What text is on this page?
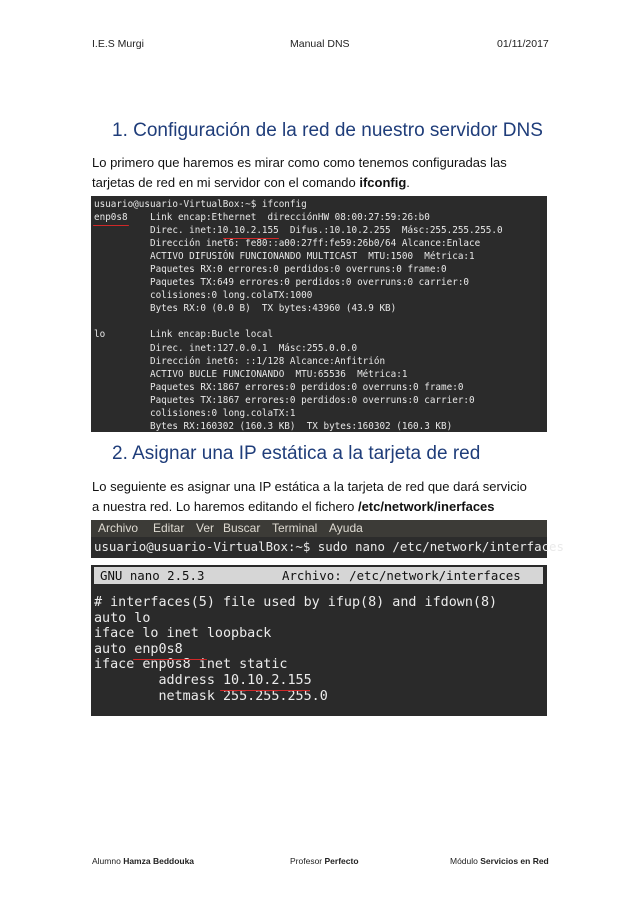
I.E.S Murgi	Manual DNS	01/11/2017
1. Configuración de la red de nuestro servidor DNS
Lo primero que haremos es mirar como como tenemos configuradas las
tarjetas de red en mi servidor con el comando ifconfig.
usuario@usuario-VirtualBox:~$ ifconfig
enp0s8    Link encap:Ethernet  direcciónHW 08:00:27:59:26:b0
Direc. inet:10.10.2.155  Difus.:10.10.2.255  Másc:255.255.255.0
Dirección inet6: fe80::a00:27ff:fe59:26b0/64 Alcance:Enlace
ACTIVO DIFUSIÓN FUNCIONANDO MULTICAST  MTU:1500  Métrica:1
Paquetes RX:0 errores:0 perdidos:0 overruns:0 frame:0
Paquetes TX:649 errores:0 perdidos:0 overruns:0 carrier:0
colisiones:0 long.colaTX:1000
Bytes RX:0 (0.0 B)  TX bytes:43960 (43.9 KB)

lo        Link encap:Bucle local
Direc. inet:127.0.0.1  Másc:255.0.0.0
Dirección inet6: ::1/128 Alcance:Anfitrión
ACTIVO BUCLE FUNCIONANDO  MTU:65536  Métrica:1
Paquetes RX:1867 errores:0 perdidos:0 overruns:0 frame:0
Paquetes TX:1867 errores:0 perdidos:0 overruns:0 carrier:0
colisiones:0 long.colaTX:1
Bytes RX:160302 (160.3 KB)  TX bytes:160302 (160.3 KB)

2. Asignar una IP estática a la tarjeta de red
Lo seguiente es asignar una IP estática a la tarjeta de red que dará servicio
a nuestra red. Lo haremos editando el fichero /etc/network/inerfaces
Archivo Editar Ver Buscar Terminal Ayuda
usuario@usuario-VirtualBox:~$ sudo nano /etc/network/interfaces
GNU nano 2.5.3	Archivo: /etc/network/interfaces
# interfaces(5) file used by ifup(8) and ifdown(8)
auto lo
iface lo inet loopback
auto enp0s8
iface enp0s8 inet static
address 10.10.2.155
netmask 255.255.255.0
Alumno Hamza Beddouka	Profesor Perfecto	Módulo Servicios en Red
